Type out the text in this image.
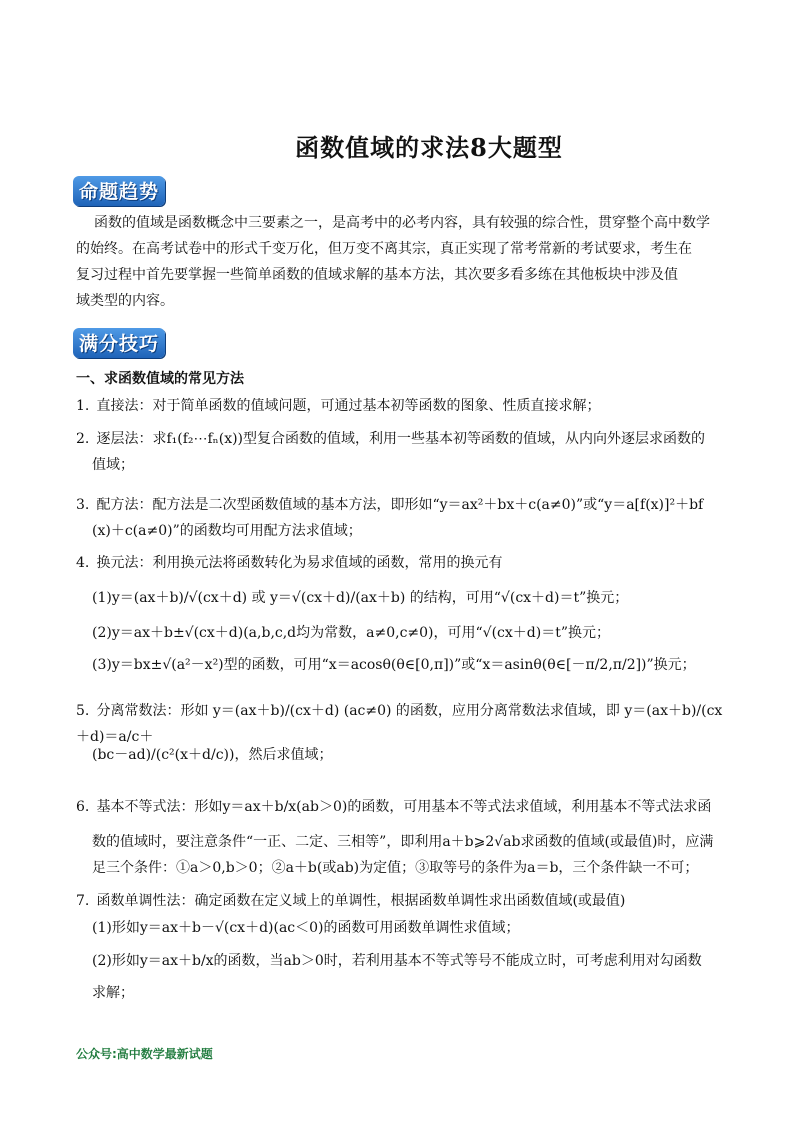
函数值域的求法8大题型
命题趋势
函数的值域是函数概念中三要素之一，是高考中的必考内容，具有较强的综合性，贯穿整个高中数学
的始终。在高考试卷中的形式千变万化，但万变不离其宗，真正实现了常考常新的考试要求，考生在
复习过程中首先要掌握一些简单函数的值域求解的基本方法，其次要多看多练在其他板块中涉及值
域类型的内容。
满分技巧
一、求函数值域的常见方法
1. 直接法：对于简单函数的值域问题，可通过基本初等函数的图象、性质直接求解；
2. 逐层法：求f₁(f₂⋯fₙ(x))型复合函数的值域，利用一些基本初等函数的值域，从内向外逐层求函数的
值域；
3. 配方法：配方法是二次型函数值域的基本方法，即形如“y＝ax²＋bx＋c(a≠0)”或“y＝a[f(x)]²＋bf
(x)＋c(a≠0)”的函数均可用配方法求值域；
4. 换元法：利用换元法将函数转化为易求值域的函数，常用的换元有
(1)y＝(ax＋b)/√(cx＋d) 或 y＝√(cx＋d)/(ax＋b) 的结构，可用“√(cx＋d)＝t”换元；
(2)y＝ax＋b±√(cx＋d)(a,b,c,d均为常数，a≠0,c≠0)，可用“√(cx＋d)＝t”换元；
(3)y＝bx±√(a²－x²)型的函数，可用“x＝acosθ(θ∈[0,π])”或“x＝asinθ(θ∈[－π/2,π/2])”换元；
5. 分离常数法：形如 y＝(ax＋b)/(cx＋d) (ac≠0) 的函数，应用分离常数法求值域，即 y＝(ax＋b)/(cx＋d)＝a/c＋
(bc－ad)/(c²(x＋d/c))，然后求值域；
6. 基本不等式法：形如y＝ax＋b/x(ab＞0)的函数，可用基本不等式法求值域，利用基本不等式法求函
数的值域时，要注意条件“一正、二定、三相等”，即利用a＋b⩾2√ab求函数的值域(或最值)时，应满
足三个条件：①a＞0,b＞0；②a＋b(或ab)为定值；③取等号的条件为a＝b，三个条件缺一不可；
7. 函数单调性法：确定函数在定义域上的单调性，根据函数单调性求出函数值域(或最值)
(1)形如y＝ax＋b－√(cx＋d)(ac＜0)的函数可用函数单调性求值域；
(2)形如y＝ax＋b/x的函数，当ab＞0时，若利用基本不等式等号不能成立时，可考虑利用对勾函数
求解；
公众号:高中数学最新试题
